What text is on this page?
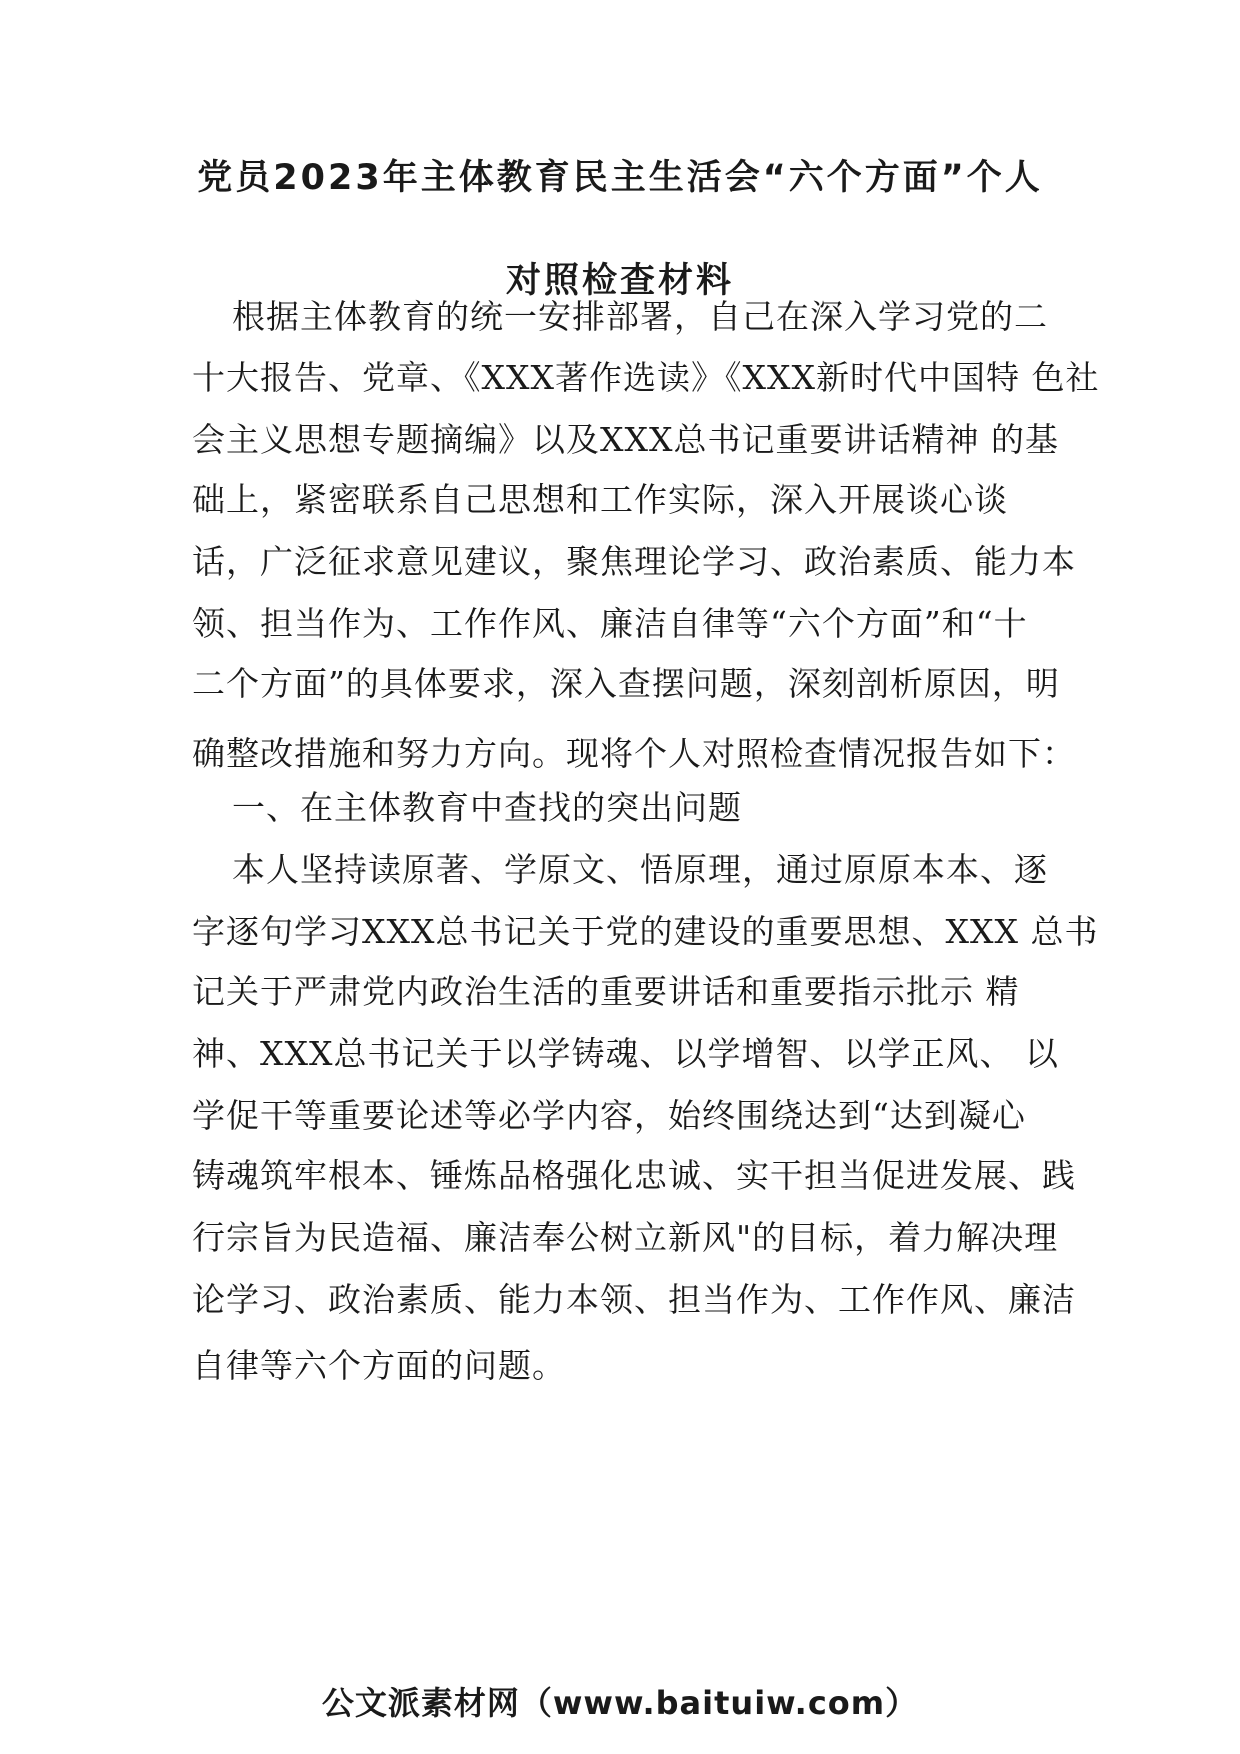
党员2023年主体教育民主生活会“六个方面”个人
对照检查材料
根据主体教育的统一安排部署，自己在深入学习党的二
十大报告、党章、《XXX著作选读》《XXX新时代中国特 色社
会主义思想专题摘编》以及XXX总书记重要讲话精神 的基
础上，紧密联系自己思想和工作实际，深入开展谈心谈
话，广泛征求意见建议，聚焦理论学习、政治素质、能力本
领、担当作为、工作作风、廉洁自律等“六个方面”和“十
二个方面”的具体要求，深入查摆问题，深刻剖析原因，明
确整改措施和努力方向。现将个人对照检查情况报告如下：
一、在主体教育中查找的突出问题
本人坚持读原著、学原文、悟原理，通过原原本本、逐
字逐句学习XXX总书记关于党的建设的重要思想、XXX 总书
记关于严肃党内政治生活的重要讲话和重要指示批示 精
神、XXX总书记关于以学铸魂、以学增智、以学正风、 以
学促干等重要论述等必学内容，始终围绕达到“达到凝心
铸魂筑牢根本、锤炼品格强化忠诚、实干担当促进发展、践
行宗旨为民造福、廉洁奉公树立新风"的目标，着力解决理
论学习、政治素质、能力本领、担当作为、工作作风、廉洁
自律等六个方面的问题。
公文派素材网（www.baituiw.com）
